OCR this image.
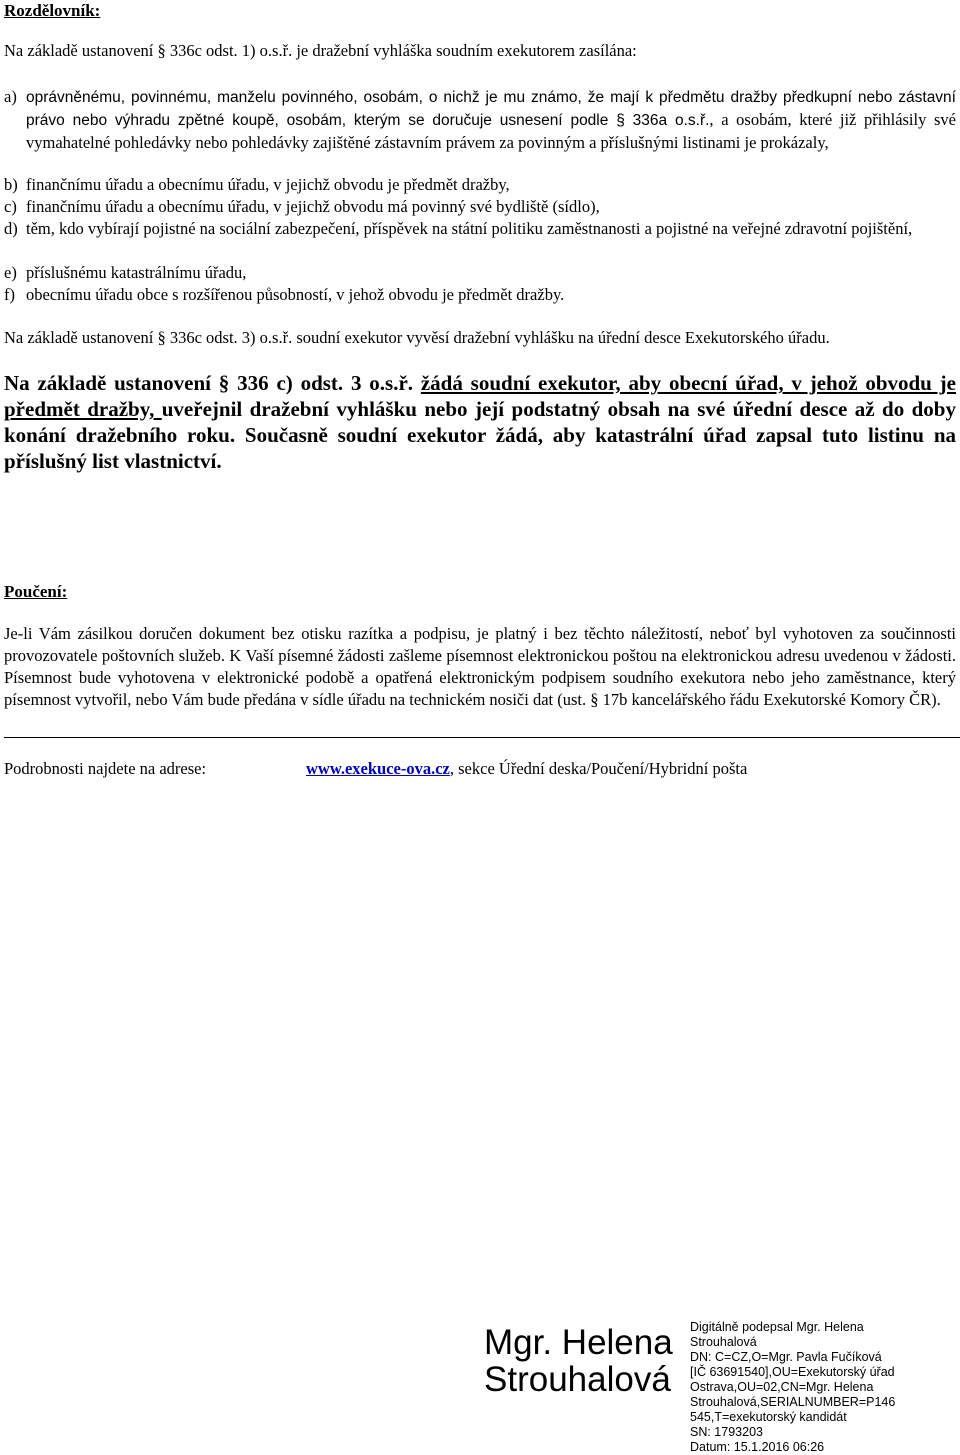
Rozdělovník:
Na základě ustanovení § 336c odst. 1) o.s.ř. je dražební vyhláška soudním exekutorem zasílána:
a) oprávněnému, povinnému, manželu povinného, osobám, o nichž je mu známo, že mají k předmětu dražby předkupní nebo zástavní právo nebo výhradu zpětné koupě, osobám, kterým se doručuje usnesení podle § 336a o.s.ř., a osobám, které již přihlásily své vymahatelné pohledávky nebo pohledávky zajištěné zástavním právem za povinným a příslušnými listinami je prokázaly,
b) finančnímu úřadu a obecnímu úřadu, v jejichž obvodu je předmět dražby,
c) finančnímu úřadu a obecnímu úřadu, v jejichž obvodu má povinný své bydliště (sídlo),
d) těm, kdo vybírají pojistné na sociální zabezpečení, příspěvek na státní politiku zaměstnanosti a pojistné na veřejné zdravotní pojištění,
e) příslušnému katastrálnímu úřadu,
f) obecnímu úřadu obce s rozšířenou působností, v jehož obvodu je předmět dražby.
Na základě ustanovení § 336c odst. 3) o.s.ř. soudní exekutor vyvěsí dražební vyhlášku na úřední desce Exekutorského úřadu.
Na základě ustanovení § 336 c) odst. 3 o.s.ř. žádá soudní exekutor, aby obecní úřad, v jehož obvodu je předmět dražby, uveřejnil dražební vyhlášku nebo její podstatný obsah na své úřední desce až do doby konání dražebního roku. Současně soudní exekutor žádá, aby katastrální úřad zapsal tuto listinu na příslušný list vlastnictví.
Poučení:
Je-li Vám zásilkou doručen dokument bez otisku razítka a podpisu, je platný i bez těchto náležitostí, neboť byl vyhotoven za součinnosti provozovatele poštovních služeb. K Vaší písemné žádosti zašleme písemnost elektronickou poštou na elektronickou adresu uvedenou v žádosti. Písemnost bude vyhotovena v elektronické podobě a opatřená elektronickým podpisem soudního exekutora nebo jeho zaměstnance, který písemnost vytvořil, nebo Vám bude předána v sídle úřadu na technickém nosiči dat (ust. § 17b kancelářského řádu Exekutorské Komory ČR).
Podrobnosti najdete na adrese:	www.exekuce-ova.cz, sekce Úřední deska/Poučení/Hybridní pošta
Mgr. Helena
Strouhalová
Digitálně podepsal Mgr. Helena
Strouhalová
DN: C=CZ,O=Mgr. Pavla Fučíková
[IČ 63691540],OU=Exekutorský úřad
Ostrava,OU=02,CN=Mgr. Helena
Strouhalová,SERIALNUMBER=P146
545,T=exekutorský kandidát
SN: 1793203
Datum: 15.1.2016 06:26
